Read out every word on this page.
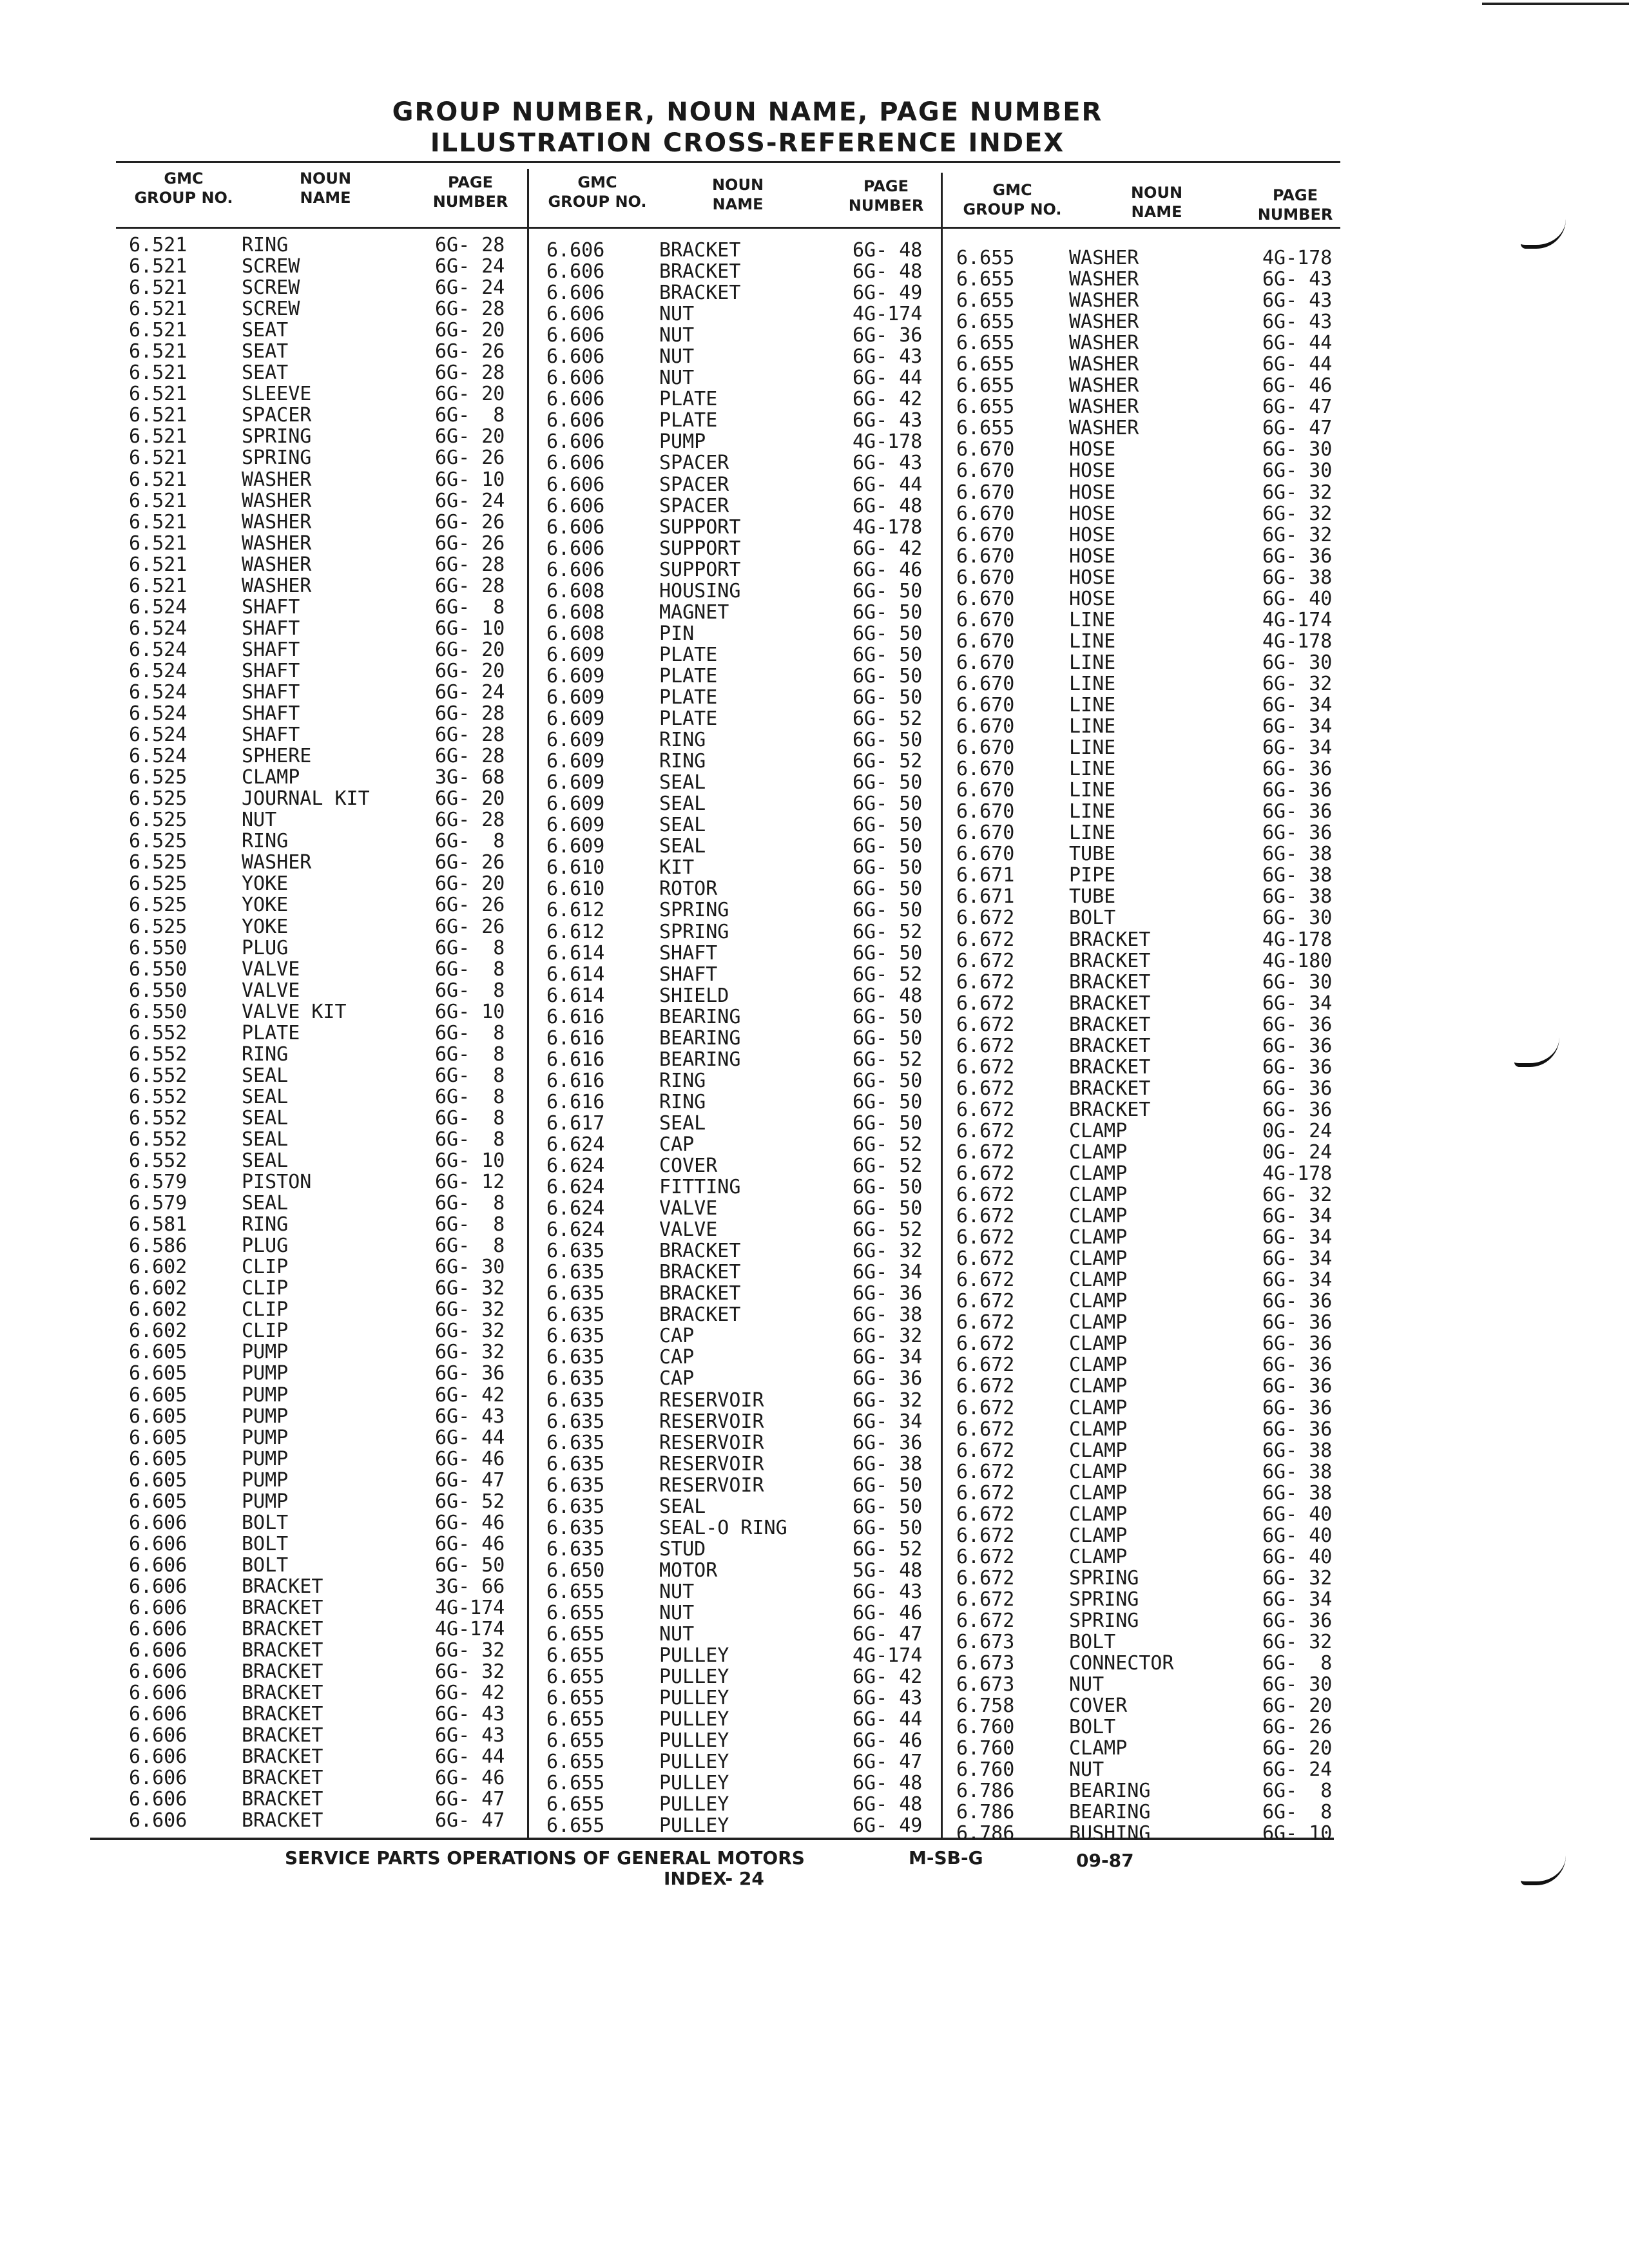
GROUP NUMBER, NOUN NAME, PAGE NUMBER
ILLUSTRATION CROSS-REFERENCE INDEX
GMC
GROUP NO.
NOUN
NAME
PAGE
NUMBER
GMC
GROUP NO.
NOUN
NAME
PAGE
NUMBER
GMC
GROUP NO.
NOUN
NAME
PAGE
NUMBER
6.521	RING	6G- 28
6.521	SCREW	6G- 24
6.521	SCREW	6G- 24
6.521	SCREW	6G- 28
6.521	SEAT	6G- 20
6.521	SEAT	6G- 26
6.521	SEAT	6G- 28
6.521	SLEEVE	6G- 20
6.521	SPACER	6G-  8
6.521	SPRING	6G- 20
6.521	SPRING	6G- 26
6.521	WASHER	6G- 10
6.521	WASHER	6G- 24
6.521	WASHER	6G- 26
6.521	WASHER	6G- 26
6.521	WASHER	6G- 28
6.521	WASHER	6G- 28
6.524	SHAFT	6G-  8
6.524	SHAFT	6G- 10
6.524	SHAFT	6G- 20
6.524	SHAFT	6G- 20
6.524	SHAFT	6G- 24
6.524	SHAFT	6G- 28
6.524	SHAFT	6G- 28
6.524	SPHERE	6G- 28
6.525	CLAMP	3G- 68
6.525	JOURNAL KIT	6G- 20
6.525	NUT	6G- 28
6.525	RING	6G-  8
6.525	WASHER	6G- 26
6.525	YOKE	6G- 20
6.525	YOKE	6G- 26
6.525	YOKE	6G- 26
6.550	PLUG	6G-  8
6.550	VALVE	6G-  8
6.550	VALVE	6G-  8
6.550	VALVE KIT	6G- 10
6.552	PLATE	6G-  8
6.552	RING	6G-  8
6.552	SEAL	6G-  8
6.552	SEAL	6G-  8
6.552	SEAL	6G-  8
6.552	SEAL	6G-  8
6.552	SEAL	6G- 10
6.579	PISTON	6G- 12
6.579	SEAL	6G-  8
6.581	RING	6G-  8
6.586	PLUG	6G-  8
6.602	CLIP	6G- 30
6.602	CLIP	6G- 32
6.602	CLIP	6G- 32
6.602	CLIP	6G- 32
6.605	PUMP	6G- 32
6.605	PUMP	6G- 36
6.605	PUMP	6G- 42
6.605	PUMP	6G- 43
6.605	PUMP	6G- 44
6.605	PUMP	6G- 46
6.605	PUMP	6G- 47
6.605	PUMP	6G- 52
6.606	BOLT	6G- 46
6.606	BOLT	6G- 46
6.606	BOLT	6G- 50
6.606	BRACKET	3G- 66
6.606	BRACKET	4G-174
6.606	BRACKET	4G-174
6.606	BRACKET	6G- 32
6.606	BRACKET	6G- 32
6.606	BRACKET	6G- 42
6.606	BRACKET	6G- 43
6.606	BRACKET	6G- 43
6.606	BRACKET	6G- 44
6.606	BRACKET	6G- 46
6.606	BRACKET	6G- 47
6.606	BRACKET	6G- 47
6.606	BRACKET	6G- 48
6.606	BRACKET	6G- 48
6.606	BRACKET	6G- 49
6.606	NUT	4G-174
6.606	NUT	6G- 36
6.606	NUT	6G- 43
6.606	NUT	6G- 44
6.606	PLATE	6G- 42
6.606	PLATE	6G- 43
6.606	PUMP	4G-178
6.606	SPACER	6G- 43
6.606	SPACER	6G- 44
6.606	SPACER	6G- 48
6.606	SUPPORT	4G-178
6.606	SUPPORT	6G- 42
6.606	SUPPORT	6G- 46
6.608	HOUSING	6G- 50
6.608	MAGNET	6G- 50
6.608	PIN	6G- 50
6.609	PLATE	6G- 50
6.609	PLATE	6G- 50
6.609	PLATE	6G- 50
6.609	PLATE	6G- 52
6.609	RING	6G- 50
6.609	RING	6G- 52
6.609	SEAL	6G- 50
6.609	SEAL	6G- 50
6.609	SEAL	6G- 50
6.609	SEAL	6G- 50
6.610	KIT	6G- 50
6.610	ROTOR	6G- 50
6.612	SPRING	6G- 50
6.612	SPRING	6G- 52
6.614	SHAFT	6G- 50
6.614	SHAFT	6G- 52
6.614	SHIELD	6G- 48
6.616	BEARING	6G- 50
6.616	BEARING	6G- 50
6.616	BEARING	6G- 52
6.616	RING	6G- 50
6.616	RING	6G- 50
6.617	SEAL	6G- 50
6.624	CAP	6G- 52
6.624	COVER	6G- 52
6.624	FITTING	6G- 50
6.624	VALVE	6G- 50
6.624	VALVE	6G- 52
6.635	BRACKET	6G- 32
6.635	BRACKET	6G- 34
6.635	BRACKET	6G- 36
6.635	BRACKET	6G- 38
6.635	CAP	6G- 32
6.635	CAP	6G- 34
6.635	CAP	6G- 36
6.635	RESERVOIR	6G- 32
6.635	RESERVOIR	6G- 34
6.635	RESERVOIR	6G- 36
6.635	RESERVOIR	6G- 38
6.635	RESERVOIR	6G- 50
6.635	SEAL	6G- 50
6.635	SEAL-O RING	6G- 50
6.635	STUD	6G- 52
6.650	MOTOR	5G- 48
6.655	NUT	6G- 43
6.655	NUT	6G- 46
6.655	NUT	6G- 47
6.655	PULLEY	4G-174
6.655	PULLEY	6G- 42
6.655	PULLEY	6G- 43
6.655	PULLEY	6G- 44
6.655	PULLEY	6G- 46
6.655	PULLEY	6G- 47
6.655	PULLEY	6G- 48
6.655	PULLEY	6G- 48
6.655	PULLEY	6G- 49
6.655	WASHER	4G-178
6.655	WASHER	6G- 43
6.655	WASHER	6G- 43
6.655	WASHER	6G- 43
6.655	WASHER	6G- 44
6.655	WASHER	6G- 44
6.655	WASHER	6G- 46
6.655	WASHER	6G- 47
6.655	WASHER	6G- 47
6.670	HOSE	6G- 30
6.670	HOSE	6G- 30
6.670	HOSE	6G- 32
6.670	HOSE	6G- 32
6.670	HOSE	6G- 32
6.670	HOSE	6G- 36
6.670	HOSE	6G- 38
6.670	HOSE	6G- 40
6.670	LINE	4G-174
6.670	LINE	4G-178
6.670	LINE	6G- 30
6.670	LINE	6G- 32
6.670	LINE	6G- 34
6.670	LINE	6G- 34
6.670	LINE	6G- 34
6.670	LINE	6G- 36
6.670	LINE	6G- 36
6.670	LINE	6G- 36
6.670	LINE	6G- 36
6.670	TUBE	6G- 38
6.671	PIPE	6G- 38
6.671	TUBE	6G- 38
6.672	BOLT	6G- 30
6.672	BRACKET	4G-178
6.672	BRACKET	4G-180
6.672	BRACKET	6G- 30
6.672	BRACKET	6G- 34
6.672	BRACKET	6G- 36
6.672	BRACKET	6G- 36
6.672	BRACKET	6G- 36
6.672	BRACKET	6G- 36
6.672	BRACKET	6G- 36
6.672	CLAMP	0G- 24
6.672	CLAMP	0G- 24
6.672	CLAMP	4G-178
6.672	CLAMP	6G- 32
6.672	CLAMP	6G- 34
6.672	CLAMP	6G- 34
6.672	CLAMP	6G- 34
6.672	CLAMP	6G- 34
6.672	CLAMP	6G- 36
6.672	CLAMP	6G- 36
6.672	CLAMP	6G- 36
6.672	CLAMP	6G- 36
6.672	CLAMP	6G- 36
6.672	CLAMP	6G- 36
6.672	CLAMP	6G- 36
6.672	CLAMP	6G- 38
6.672	CLAMP	6G- 38
6.672	CLAMP	6G- 38
6.672	CLAMP	6G- 40
6.672	CLAMP	6G- 40
6.672	CLAMP	6G- 40
6.672	SPRING	6G- 32
6.672	SPRING	6G- 34
6.672	SPRING	6G- 36
6.673	BOLT	6G- 32
6.673	CONNECTOR	6G-  8
6.673	NUT	6G- 30
6.758	COVER	6G- 20
6.760	BOLT	6G- 26
6.760	CLAMP	6G- 20
6.760	NUT	6G- 24
6.786	BEARING	6G-  8
6.786	BEARING	6G-  8
6.786	BUSHING	6G- 10
SERVICE PARTS OPERATIONS OF GENERAL MOTORS
INDEX- 24
M-SB-G	09-87
